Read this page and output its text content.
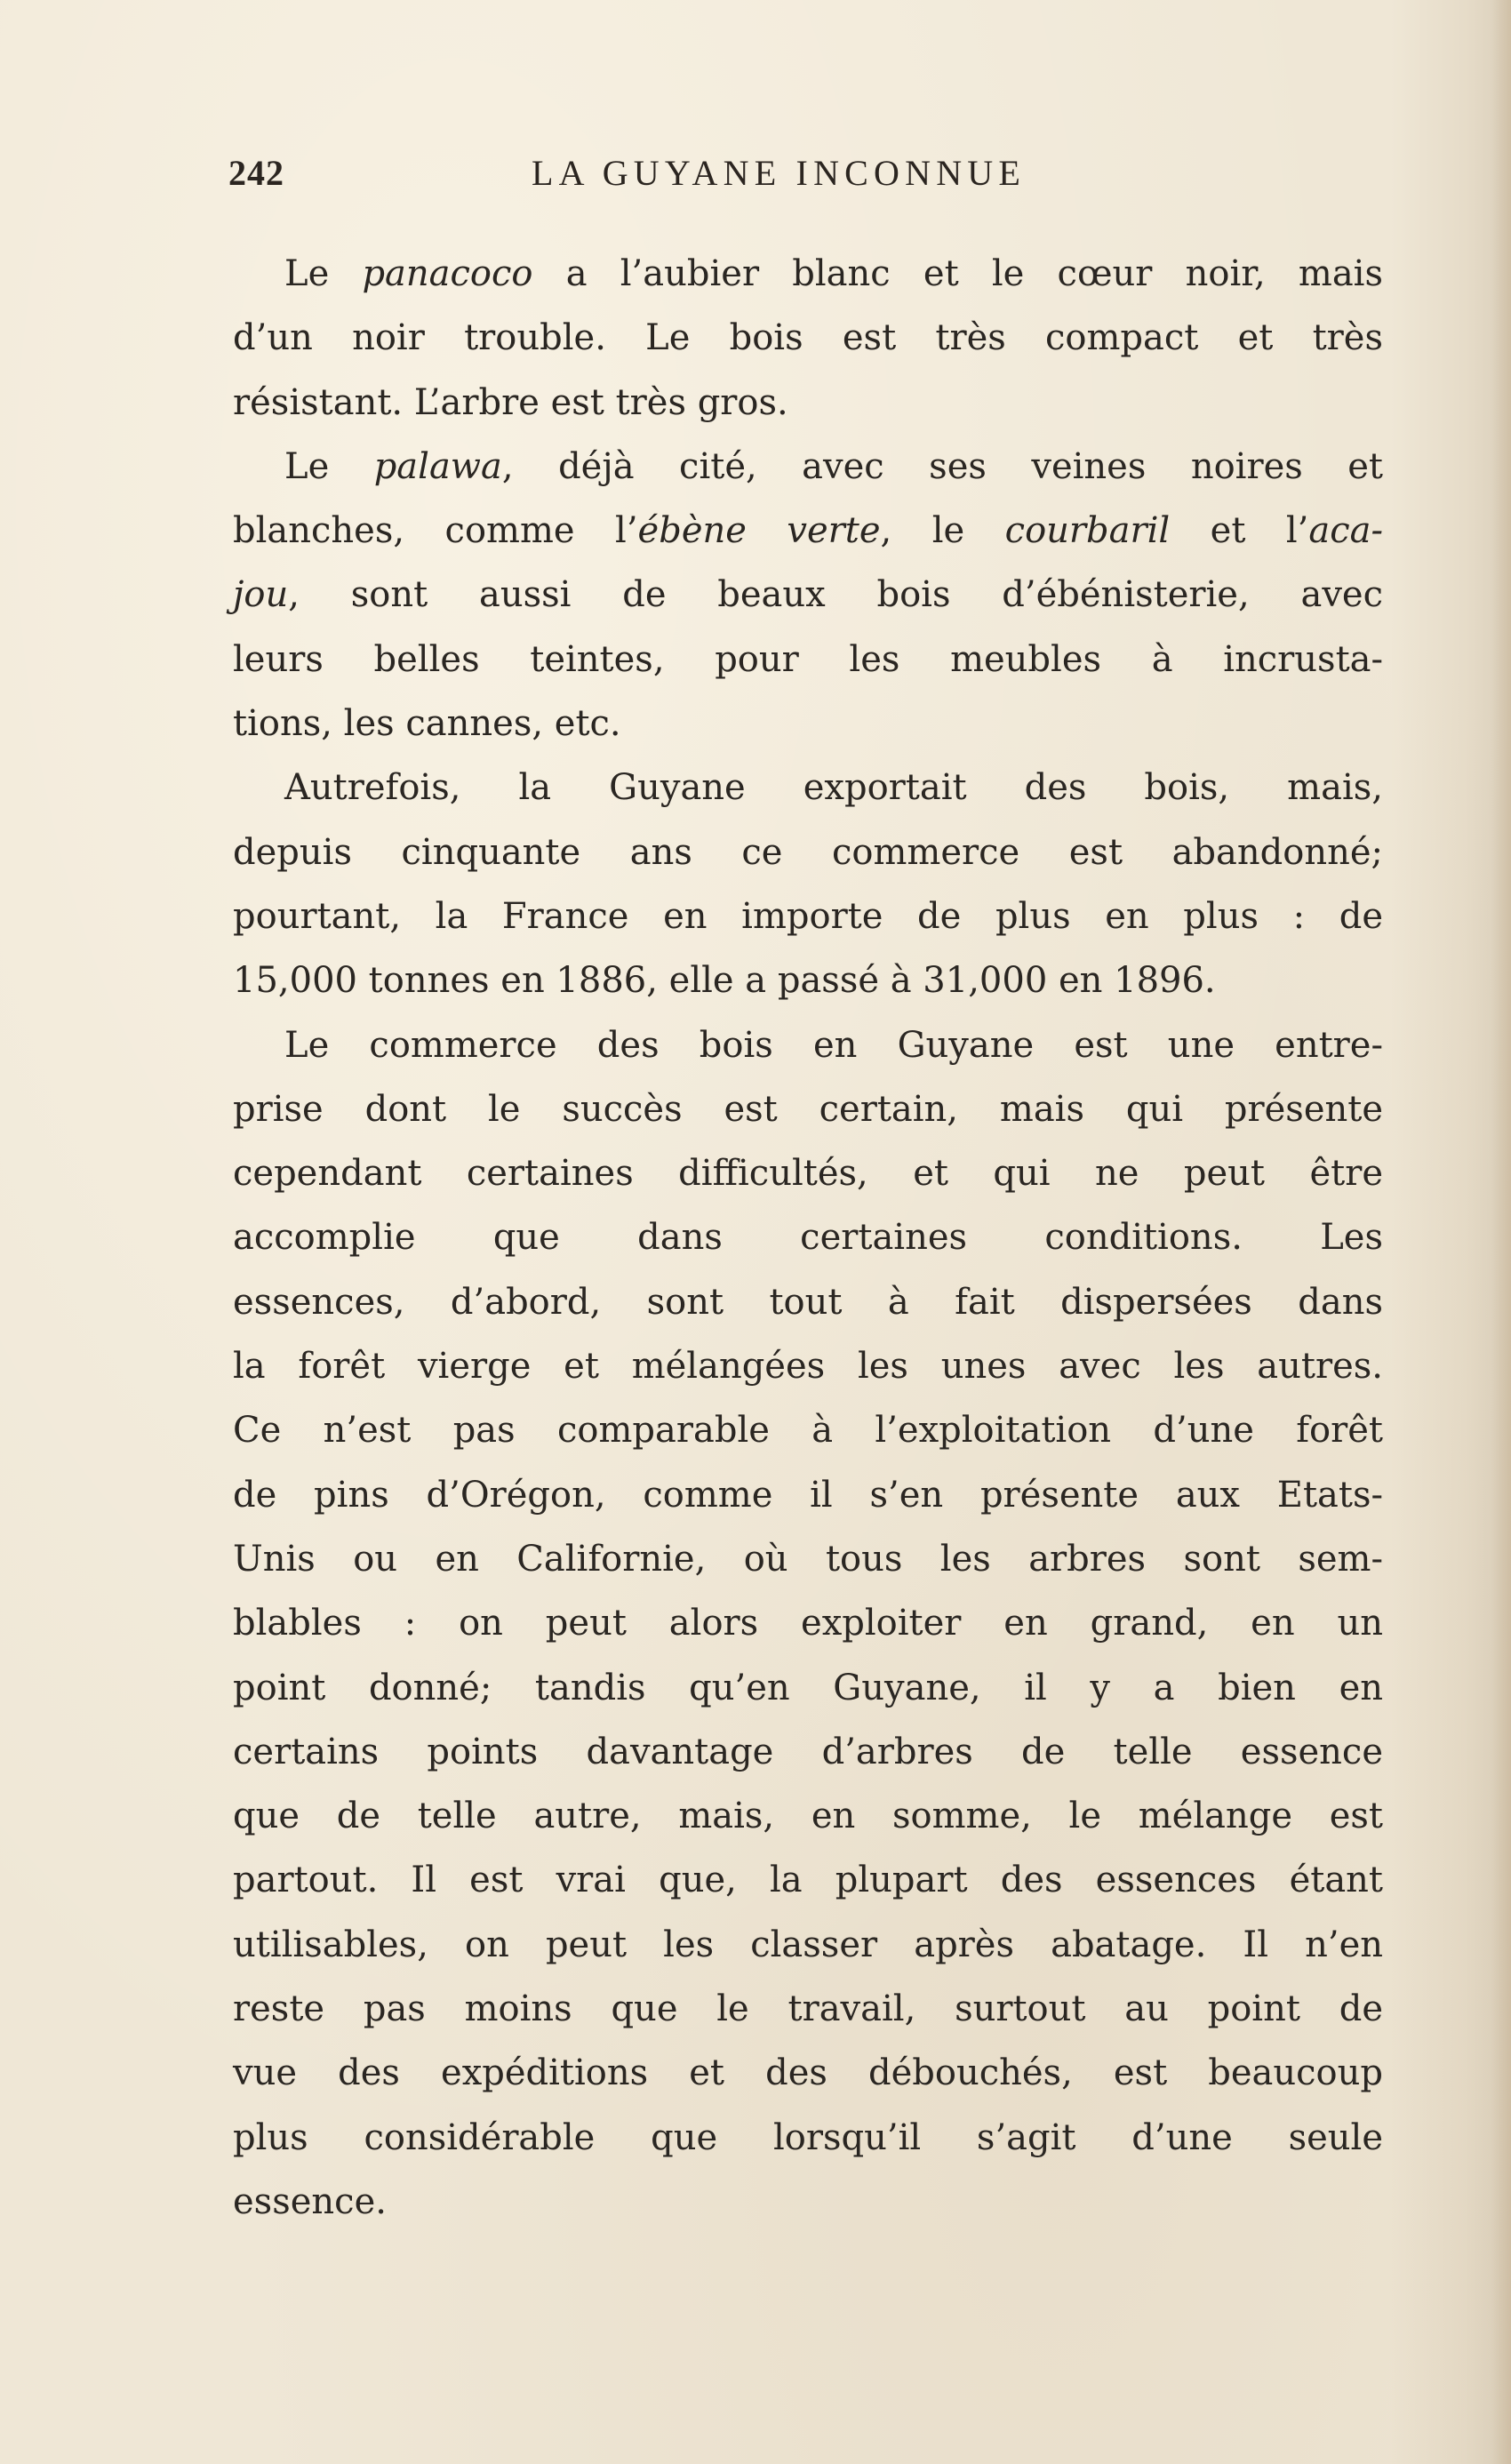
242	LA GUYANE INCONNUE
Le panacoco a l’aubier blanc et le cœur noir, mais
d’un noir trouble. Le bois est très compact et très
résistant. L’arbre est très gros.
Le palawa, déjà cité, avec ses veines noires et
blanches, comme l’ébène verte, le courbaril et l’aca-
jou, sont aussi de beaux bois d’ébénisterie, avec
leurs belles teintes, pour les meubles à incrusta-
tions, les cannes, etc.
Autrefois, la Guyane exportait des bois, mais,
depuis cinquante ans ce commerce est abandonné;
pourtant, la France en importe de plus en plus : de
15,000 tonnes en 1886, elle a passé à 31,000 en 1896.
Le commerce des bois en Guyane est une entre-
prise dont le succès est certain, mais qui présente
cependant certaines difficultés, et qui ne peut être
accomplie que dans certaines conditions. Les
essences, d’abord, sont tout à fait dispersées dans
la forêt vierge et mélangées les unes avec les autres.
Ce n’est pas comparable à l’exploitation d’une forêt
de pins d’Orégon, comme il s’en présente aux Etats-
Unis ou en Californie, où tous les arbres sont sem-
blables : on peut alors exploiter en grand, en un
point donné; tandis qu’en Guyane, il y a bien en
certains points davantage d’arbres de telle essence
que de telle autre, mais, en somme, le mélange est
partout. Il est vrai que, la plupart des essences étant
utilisables, on peut les classer après abatage. Il n’en
reste pas moins que le travail, surtout au point de
vue des expéditions et des débouchés, est beaucoup
plus considérable que lorsqu’il s’agit d’une seule
essence.
